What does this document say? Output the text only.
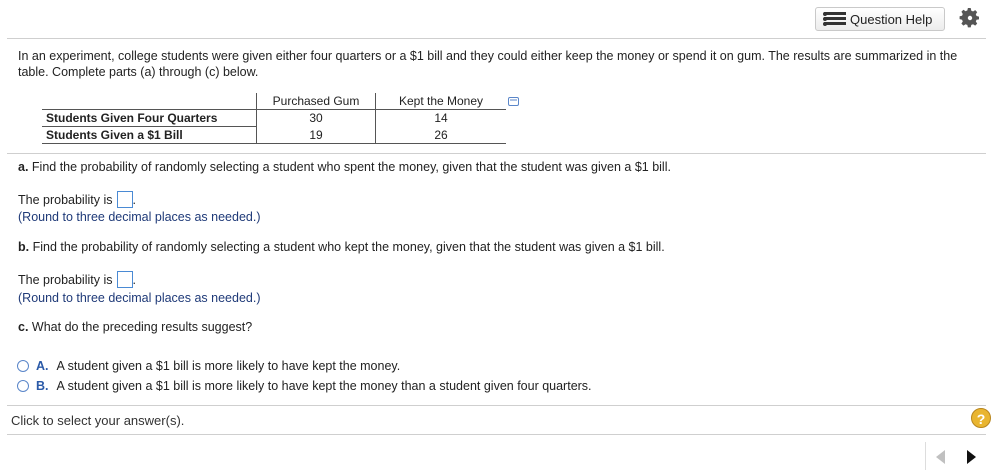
Question Help
In an experiment, college students were given either four quarters or a $1 bill and they could either keep the money or spend it on gum. The results are summarized in the table. Complete parts (a) through (c) below.
	Purchased Gum	Kept the Money
Students Given Four Quarters	30	14
Students Given a $1 Bill	19	26
a. Find the probability of randomly selecting a student who spent the money, given that the student was given a $1 bill.
The probability is .
(Round to three decimal places as needed.)
b. Find the probability of randomly selecting a student who kept the money, given that the student was given a $1 bill.
The probability is .
(Round to three decimal places as needed.)
c. What do the preceding results suggest?
A. A student given a $1 bill is more likely to have kept the money.
B. A student given a $1 bill is more likely to have kept the money than a student given four quarters.
Click to select your answer(s).	?
